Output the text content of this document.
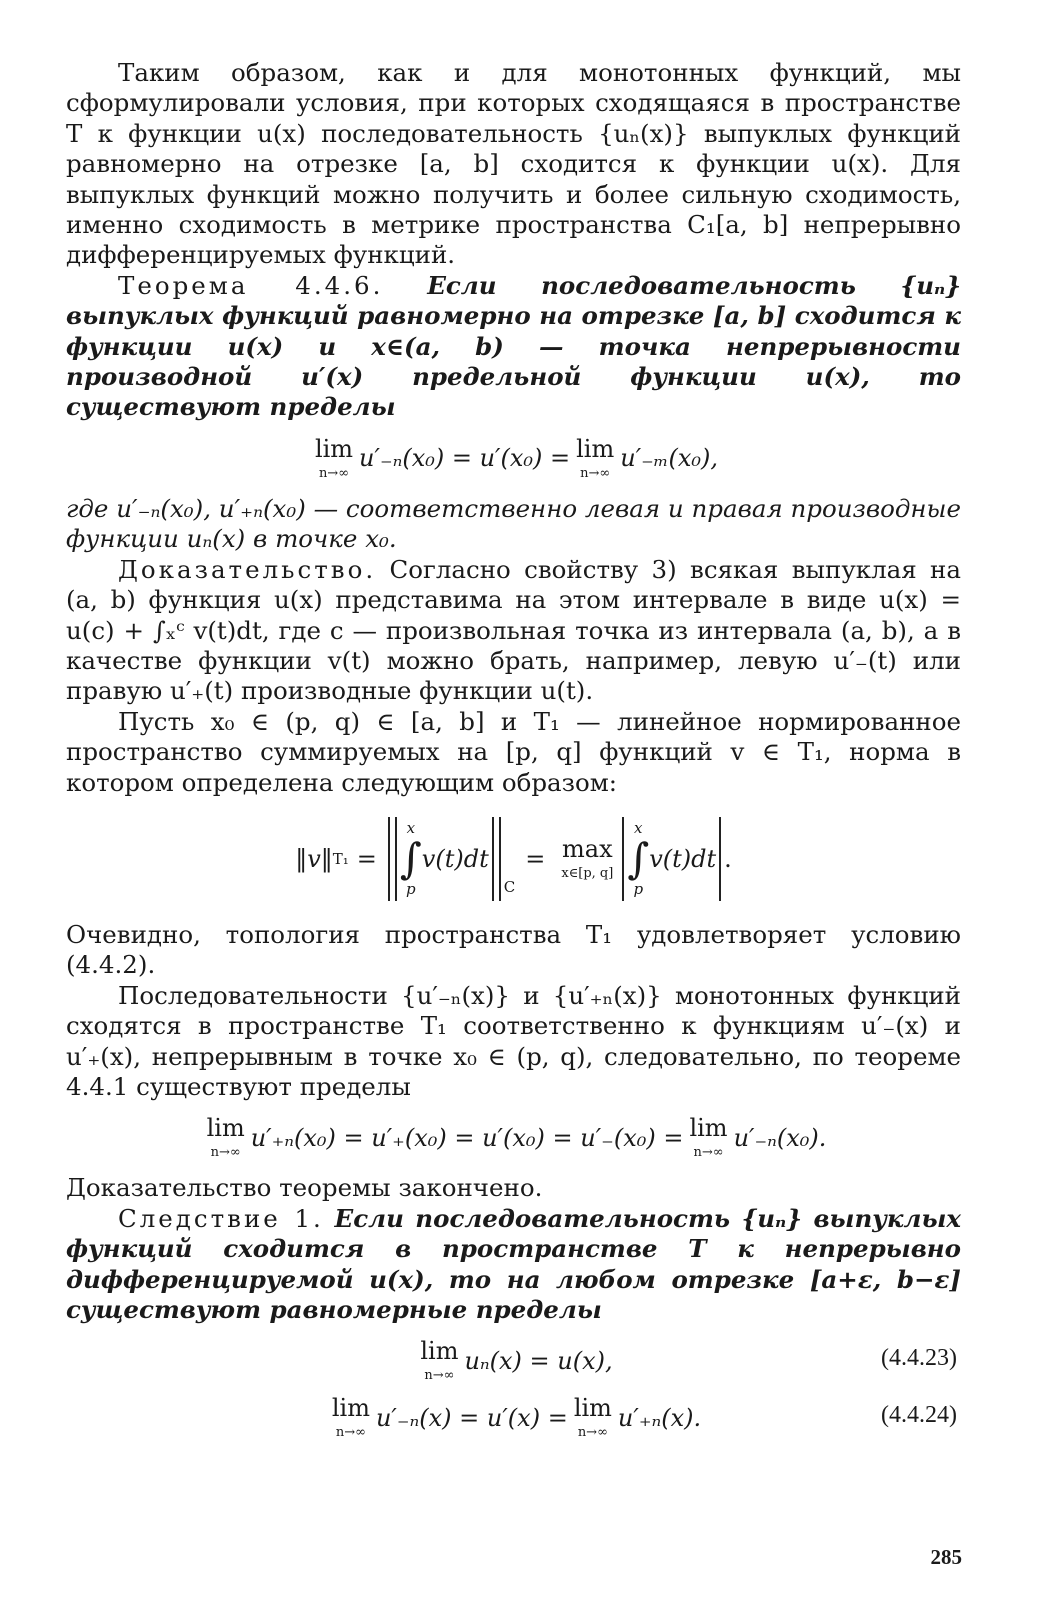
Таким образом, как и для монотонных функций, мы сформулировали условия, при которых сходящаяся в пространстве T к функции u(x) последовательность {uₙ(x)} выпуклых функций равномерно на отрезке [a, b] сходится к функции u(x). Для выпуклых функций можно получить и более сильную сходимость, именно сходимость в метрике пространства C₁[a, b] непрерывно дифференцируемых функций.

Теорема 4.4.6. Если последовательность {uₙ} выпуклых функций равномерно на отрезке [a, b] сходится к функции u(x) и x∈(a, b) — точка непрерывности производной u′(x) предельной функции u(x), то существуют пределы

lim
n→∞
u′₋ₙ(x₀) = u′(x₀) = lim
n→∞
u′₋ₘ(x₀),

где u′₋ₙ(x₀), u′₊ₙ(x₀) — соответственно левая и правая производные функции uₙ(x) в точке x₀.

Доказательство. Согласно свойству 3) всякая выпуклая на (a, b) функция u(x) представима на этом интервале в виде u(x) = u(c) + ∫ₓᶜ v(t)dt, где c — произвольная точка из интервала (a, b), а в качестве функции v(t) можно брать, например, левую u′₋(t) или правую u′₊(t) производные функции u(t).

Пусть x₀ ∈ (p, q) ∈ [a, b] и T₁ — линейное нормированное пространство суммируемых на [p, q] функций v ∈ T₁, норма в котором определена следующим образом:

‖v‖ T₁ =
x
∫
p
v(t)dt
$_C$
= max
x∈[p, q]
x
∫
p
v(t)dt .

Очевидно, топология пространства T₁ удовлетворяет условию (4.4.2).

Последовательности {u′₋ₙ(x)} и {u′₊ₙ(x)} монотонных функций сходятся в пространстве T₁ соответственно к функциям u′₋(x) и u′₊(x), непрерывным в точке x₀ ∈ (p, q), следовательно, по теореме 4.4.1 существуют пределы

lim
n→∞
u′₊ₙ(x₀) = u′₊(x₀) = u′(x₀) = u′₋(x₀) = lim
n→∞
u′₋ₙ(x₀).

Доказательство теоремы закончено.

Следствие 1. Если последовательность {uₙ} выпуклых функций сходится в пространстве T к непрерывно дифференцируемой u(x), то на любом отрезке [a+ε, b−ε] существуют равномерные пределы

lim
n→∞
uₙ(x) = u(x),	(4.4.23)
lim
n→∞
u′₋ₙ(x) = u′(x) = lim
n→∞
u′₊ₙ(x).	(4.4.24)
285
